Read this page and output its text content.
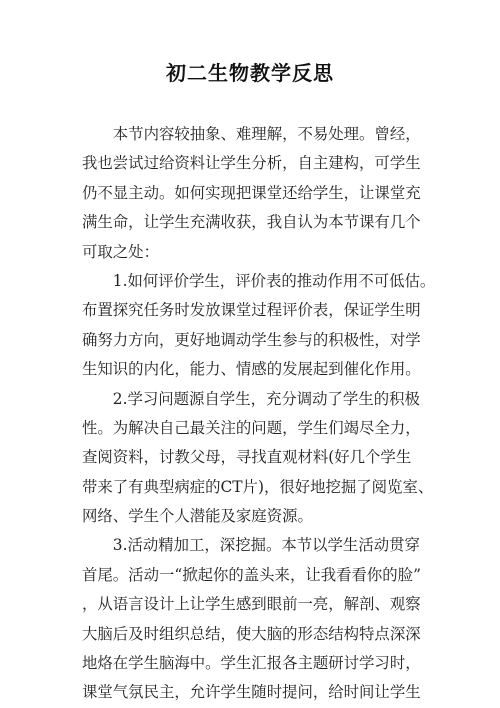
初二生物教学反思
　　本节内容较抽象、难理解，不易处理。曾经，
我也尝试过给资料让学生分析，自主建构，可学生
仍不显主动。如何实现把课堂还给学生，让课堂充
满生命，让学生充满收获，我自认为本节课有几个
可取之处：
　　1.如何评价学生，评价表的推动作用不可低估。
布置探究任务时发放课堂过程评价表，保证学生明
确努力方向，更好地调动学生参与的积极性，对学
生知识的内化，能力、情感的发展起到催化作用。
　　2.学习问题源自学生，充分调动了学生的积极
性。为解决自己最关注的问题，学生们竭尽全力，
查阅资料，讨教父母，寻找直观材料(好几个学生
带来了有典型病症的CT片)，很好地挖掘了阅览室、
网络、学生个人潜能及家庭资源。
　　3.活动精加工，深挖掘。本节以学生活动贯穿
首尾。活动一“掀起你的盖头来，让我看看你的脸”
，从语言设计上让学生感到眼前一亮，解剖、观察
大脑后及时组织总结，使大脑的形态结构特点深深
地烙在学生脑海中。学生汇报各主题研讨学习时，
课堂气氛民主，允许学生随时提问，给时间让学生
